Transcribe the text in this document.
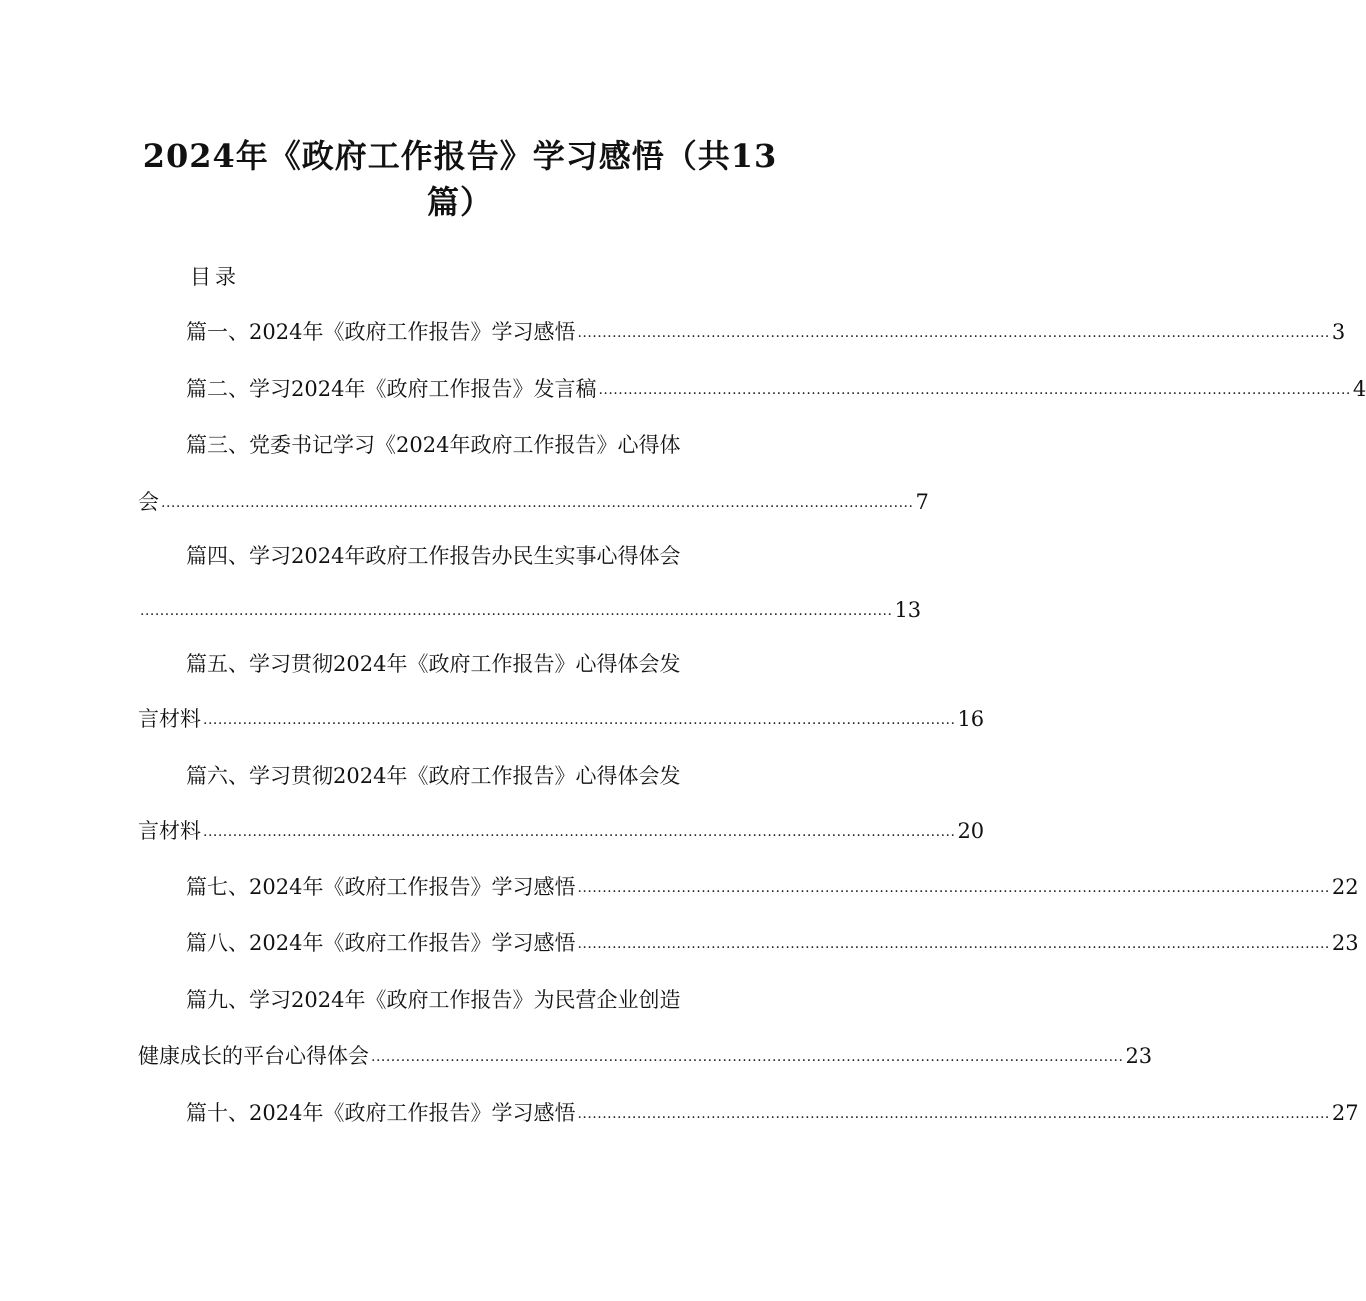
2024年《政府工作报告》学习感悟（共13
篇）
目录
篇一、2024年《政府工作报告》学习感悟 ........................................................................................................................................................ 3
篇二、学习2024年《政府工作报告》发言稿 ........................................................................................................................................................ 4
篇三、党委书记学习《2024年政府工作报告》心得体
会 ........................................................................................................................................................ 7
篇四、学习2024年政府工作报告办民生实事心得体会
........................................................................................................................................................ 13
篇五、学习贯彻2024年《政府工作报告》心得体会发
言材料 ........................................................................................................................................................ 16
篇六、学习贯彻2024年《政府工作报告》心得体会发
言材料 ........................................................................................................................................................ 20
篇七、2024年《政府工作报告》学习感悟 ........................................................................................................................................................ 22
篇八、2024年《政府工作报告》学习感悟 ........................................................................................................................................................ 23
篇九、学习2024年《政府工作报告》为民营企业创造
健康成长的平台心得体会 ........................................................................................................................................................ 23
篇十、2024年《政府工作报告》学习感悟 ........................................................................................................................................................ 27
